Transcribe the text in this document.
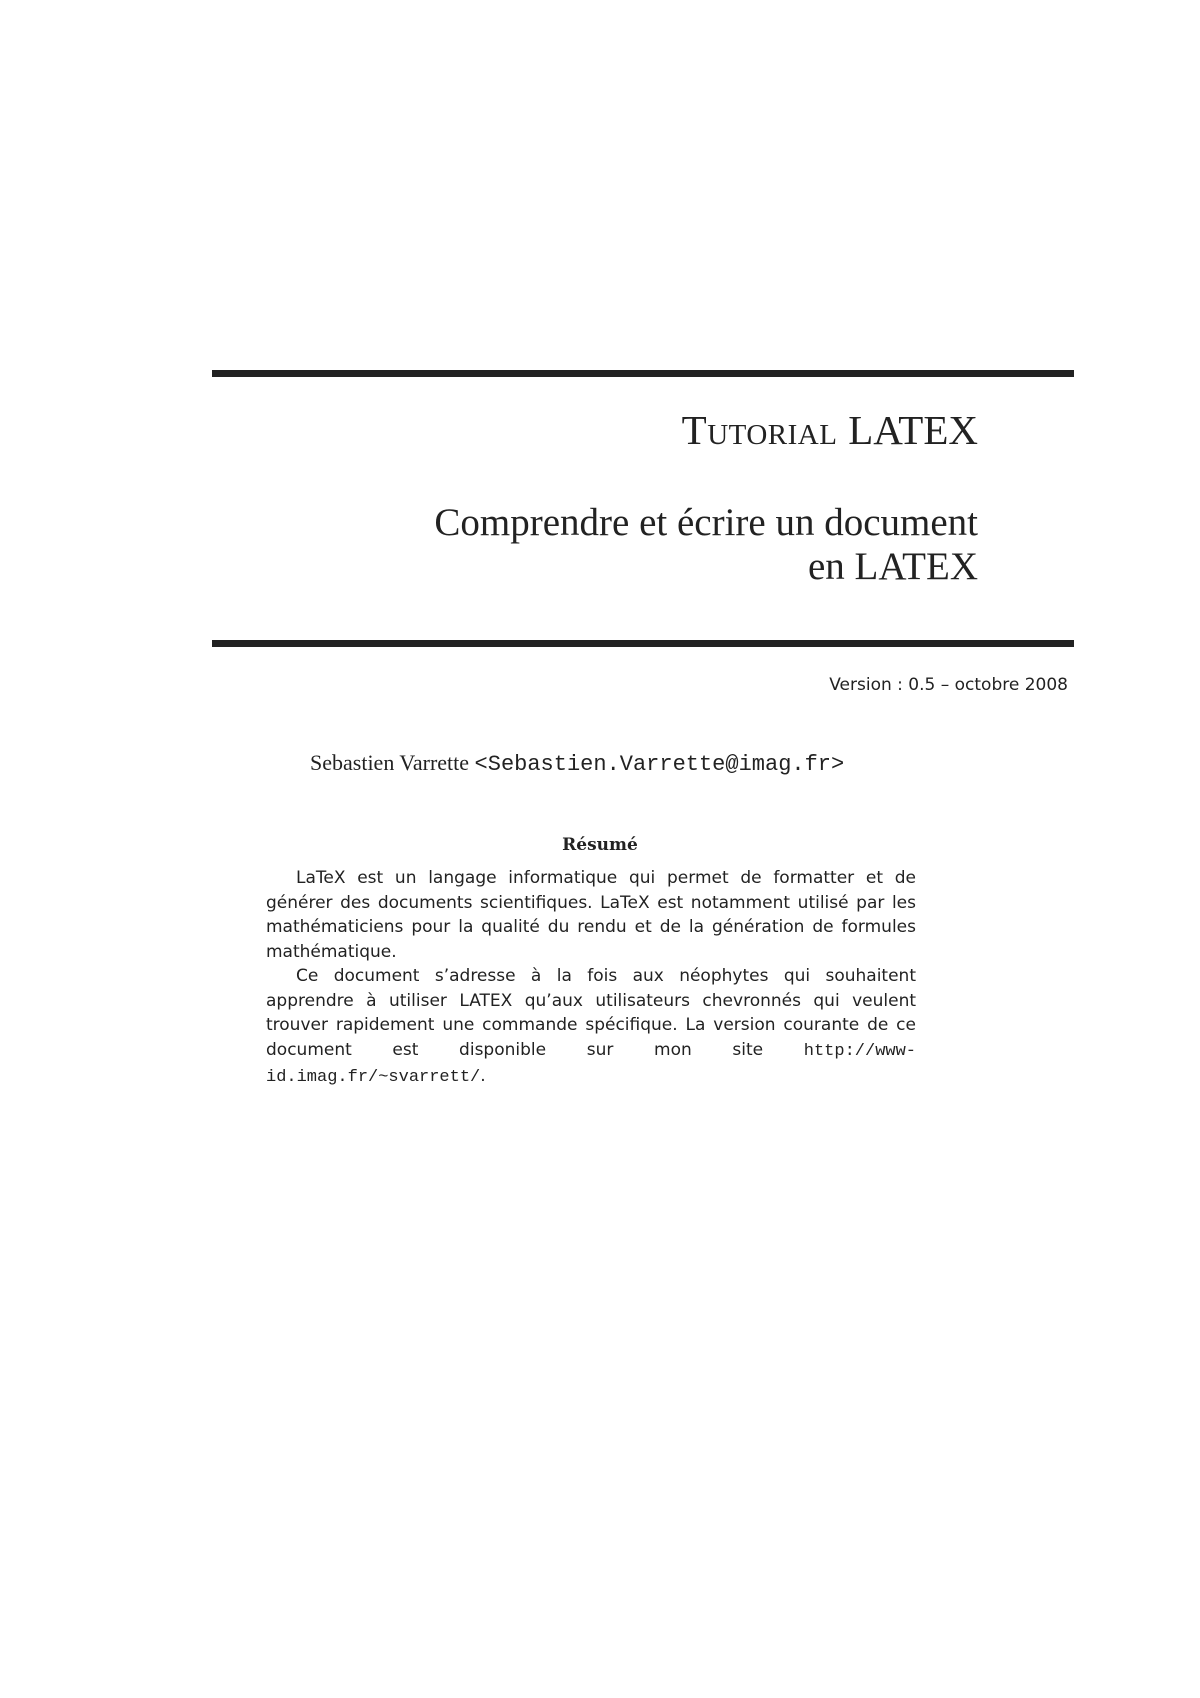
Tutorial LATEX
Comprendre et écrire un document
en LATEX
Version : 0.5 – octobre 2008
Sebastien Varrette <Sebastien.Varrette@imag.fr>
Résumé

LaTeX est un langage informatique qui permet de formatter et de générer des documents scientifiques. LaTeX est notamment utilisé par les mathématiciens pour la qualité du rendu et de la génération de formules mathématique.

Ce document s’adresse à la fois aux néophytes qui souhaitent apprendre à utiliser LATEX qu’aux utilisateurs chevronnés qui veulent trouver rapidement une commande spécifique. La version courante de ce document est disponible sur mon site http://www-id.imag.fr/~svarrett/.
